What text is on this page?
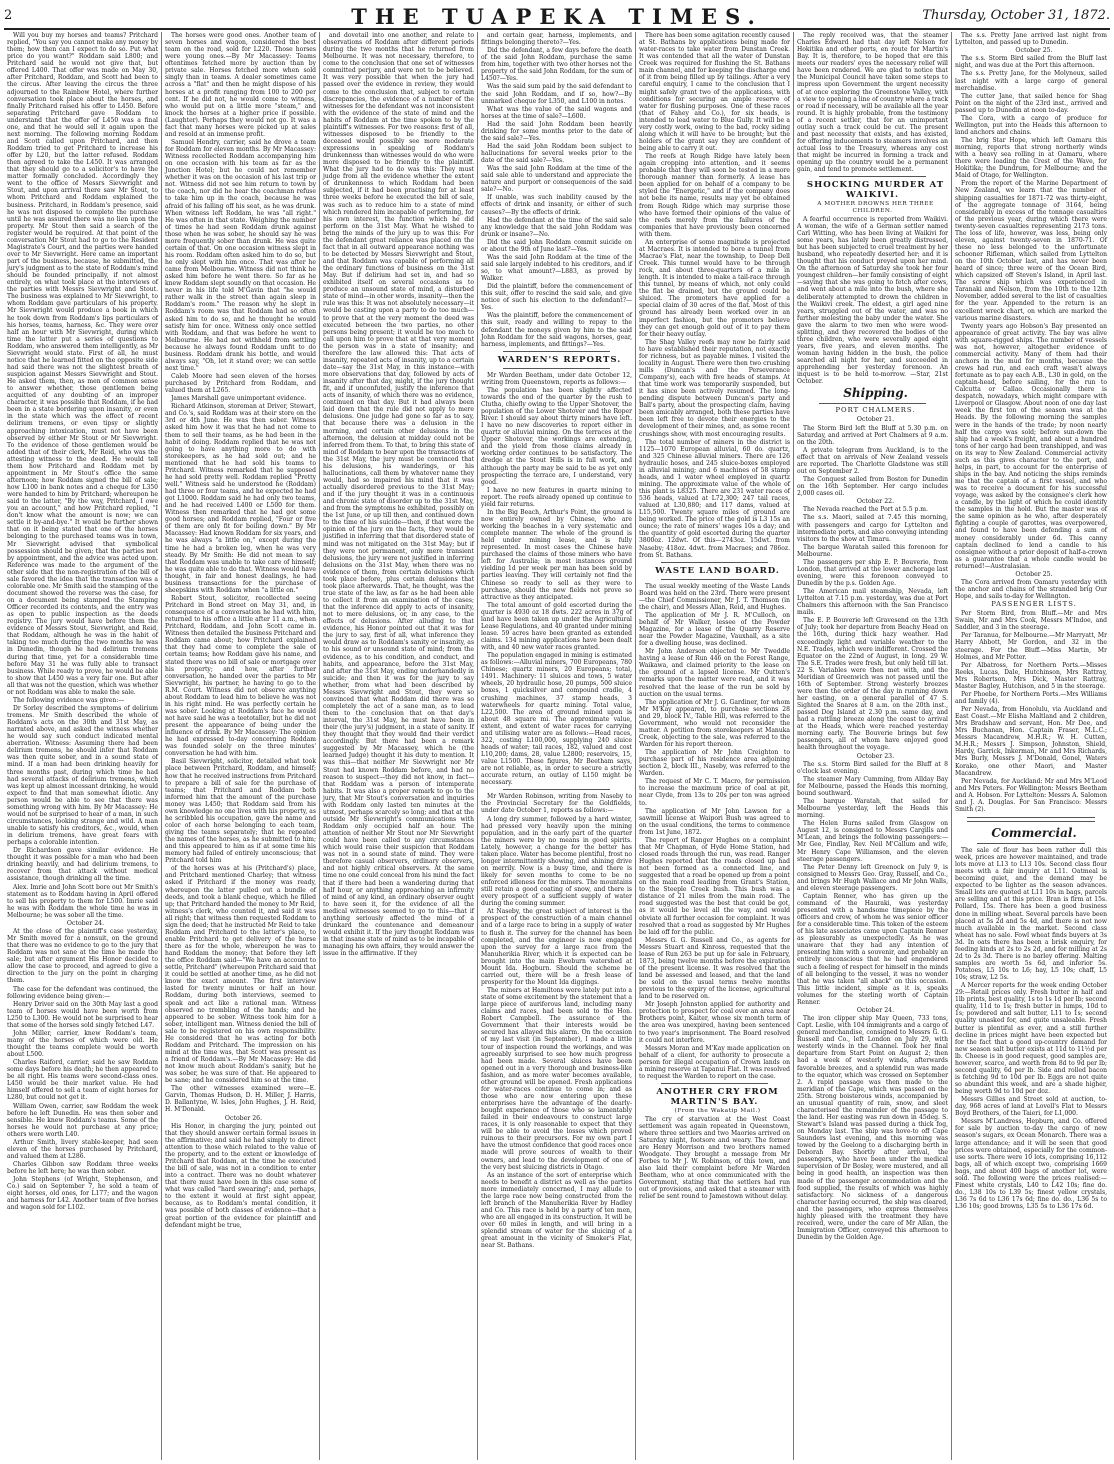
2	THE TUAPEKA TIMES.	Thursday, October 31, 1872.

Will you buy my horses and teams? Pritchard replied, "You say you cannot make any money by them; how then can I expect to do so. Put what price do you want?" Roddam said L800; and Pritchard said he would not give that, but offered L400. That offer was made on May 30, after Pritchard, Roddam, and Scott had been to the circus. After leaving the circus the three adjourned to the Rainbow Hotel, where further conversation took place about the horses, and finally Pritchard raised his offer to L450. Before separating Pritchard gave Roddam to understand that the offer of L450 was a final one, and that he would sell it again upon the next morning. The following morning Roddam and Scott called upon Pritchard, and then Roddam tried to get Pritchard to increase his offer by L20, but the latter refused. Roddam then agreed to take the L450. It was arranged that they should go to a solicitor's to have the matter formally concluded. Accordingly they went to the office of Messrs Sievwright and Stout, and upon arrival there saw Mr Stout, to whom Pritchard and Roddam explained the business. Pritchard, in Roddam's presence, said he was not disposed to complete the purchase until he was assured there was no lien upon the property. Mr Stout then said a search of the register would be required. At that point of the conversation Mr Stout had to go to the Resident Magistrate's Court, and the parties were handed over to Mr Sievwright. Here came an important part of the business, because, he submitted, the jury's judgment as to the state of Roddam's mind should be founded principally, if not almost entirely, on what took place at the interviews of the parties with Messrs Sievwright and Stout. The business was explained to Mr Sievwright, to whom Roddam gave particulars of his property. Mr Sievwright would produce a book in which he took down from Roddam's lips particulars of his horses, teams, harness, &c. They were over half an hour with Mr Sievwright, during which time the latter put a series of questions to Roddam, who answered them intelligently, as Mr Sievwright would state. First of all, he must notice that he learned fitted on the opposite side had said there was not the slightest breath of suspicion against Messrs Sievwright and Stout. He asked them, then, as men of common sense to answer whether, those gentlemen being acquitted of any doubting of an improper character, it was possible that Roddam, if he had been in a state bordering upon insanity, or even in the state which was the effect of recent delirium tremens, or even tipsy or slightly approaching intoxication, must not have been observed by either Mr Stout or Mr Sievwright. To the evidence of those gentlemen would be added that of their clerk, Mr Reid, who was the attesting witness to the deed. He would tell them how Pritchard and Roddam met by appointment in Mr Stout's office the same afternoon; how Roddam signed the bill of sale; how L100 in bank notes and a cheque for L350 were handed to him by Pritchard; whereupon he said to the latter, "By the way, Pritchard, I owe you an account," and how Pritchard replied, "I don't know what the amount is now; we can settle it by-and-bye." It would be further shown that on it being stated that one of the horses belonging to the purchased teams was in town, Mr Sievwright advised that symbolical possession should be given; that the parties met by appointment, and the advice was acted upon. Reference was made to the argument of the other side that the non-registration of the bill of sale favored the idea that the transaction was a colorable one. Mr Smith said the stamping of the document showed the reverse was the case, for on a document being stamped the Stamping Officer recorded its contents, and the entry was as open to public inspection as the deeds registry. The jury would have before them the evidence of Messrs Stout, Sievwright, and Reid, that Roddam, although he was in the habit of taking too much during the two months he was in Dunedin, though he had delirium tremens during that time, yet for a considerable time before May 31 he was fully able to transact business. While ready to prove, he would be able to show that L450 was a very fair one. But after all that was not the question, which was whether or not Roddam was able to make the sale.

The following evidence was given:—

Dr Sorley described the symptoms of delirium tremens. Mr Smith described the whole of Roddam's acts on the 30th and 31st May, as narrated above, and asked the witness whether he would say such conduct indicated mental aberration. Witness: Assuming there had been delirium tremens, he should infer that Roddam was then quite sober, and in a sound state of mind. If a man had been drinking heavily for three months past, during which time he had had several attacks of delirium tremens, which was kept up almost incessant drinking, he would expect to find that man somewhat idiotic. Any person would be able to see that there was something wrong with him. By Mr Macassey: He would not be surprised to hear of a man, in such circumstances, looking strange and wild. A man unable to satisfy his creditors, &c., would, when in delirium tremens, have great fears with perhaps a colorable intention.

Dr Richardson gave similar evidence. He thought it was possible for a man who had been drinking heavily, and had delirium tremens, to recover from that attack without medical assistance, though drinking all the time.

Alex. Imrie and John Scott bore out Mr Smith's statement as to Roddam having in April offered to sell his property to them for L500. Imrie said he was with Roddam the whole time he was in Melbourne; he was sober all the time.

October 24.

At the close of the plaintiff's case yesterday, Mr Smith moved for a nonsuit, on the ground that there was no evidence to go to the jury that Roddam was not sane at the time he made the sale; but after argument His Honor decided to allow the case to proceed, and agreed to give a direction to the jury on the point in charging them.

The case for the defendant was continued, the following evidence being given:—

Henry Driver said on the 30th May last a good team of horses would have been worth from L250 to L300. He would not be surprised to hear that some of the horses sold singly fetched L47.

John Miller, carrier, knew Roddam's team, many of the horses of which were old. He thought the teams complete would be worth about L500.

Charles Raiford, carrier, said he saw Roddam some days before his death; he then appeared to be all right. His teams were second-class ones. L450 would be their market value. He had himself offered to sell a team of eight horses for L280, but could not get it.

William Owen, carrier, saw Roddam the week before he left Dunedin. He was then sober and sensible. He knew Roddam's teams. Some of the horses he would not purchase at any price; others were worth L40.

Arthur Smith, livery stable-keeper, had seen eleven of the horses purchased by Pritchard, and valued them at L286.

Charles Gibbon saw Roddam three weeks before he left here; he was then sober.

John Stephens (of Wright, Stephenson, and Co.) said on September 7, he sold a team of eight horses, old ones, for L177; and the wagon and harness for L42. Another team of five horses and wagon sold for L102.

The horses were good ones. Another team of seven horses and wagon, considered the best team on the road, sold for L220. Those horses were young ones.—By Mr Macassey: Teams oftentimes fetched more by auction than by private sale. Horses fetched more when sold singly than in teams. A dealer sometimes came across a "flat" and then he might dispose of his horses at a profit ranging from 100 to 200 per cent. If he did not, he would come to witness, who would put on a little more "steam," and knock the horses at a higher price if possible. (Laughter). Perhaps they would not go. It was a fact that many horses were picked up at sales and resold at an immense profit.

Samuel Hendry, carrier, said he drove a team for Roddam for eleven months. By Mr Macassey: Witness recollected Roddam accompanying him on one occasion with his team as far as the Junction Hotel; but he could not remember whether it was on the occasion of his last trip or not. Witness did not see him return to town by the coach, nor did he hear the coachman refuse to take him up in the coach, because he was afraid of his falling off his seat, as he was drunk. When witness left Roddam, he was "all right." He was often in that state. Weighing the number of times he had seen Roddam drunk against those when he was sober, he should say he was more frequently sober than drunk. He was quite certain of that. On one occasion witness slept in his room. Roddam often asked him to do so, but he only slept with him once. That was after he came from Melbourne. Witness did not think he asked him before he went there. So far as he knew Roddam slept soundly on that occasion. He never in his life told M'Gavin that "he would rather walk in the street than again sleep in Roddam's room." The reason why he slept in Roddam's room was that Roddam had so often asked him to do so, and he thought he would satisfy him for once. Witness only once settled with Roddam, and that was before he went to Melbourne. He had not withheld from settling because he always found Roddam unfit to do business. Roddam drank his bottle, and would always say, "Oh, let it stand over; we can settle next time."

Caleb Moore had seen eleven of the horses purchased by Pritchard from Roddam, and valued them at L265.

James Marshall gave unimportant evidence.

Richard Atkinson, storeman at Driver, Stewart, and Co.'s, said Roddam was at their store on the 3rd or 4th June. He was then sober. Witness asked him how it was that he had not come to them to sell their teams, as he had been in the habit of doing. Roddam replied that he was not going to have anything more to do with storekeepers, as he had sold out; and he mentioned that he had sold his teams to Pritchard. Witness remarked that he supposed he had sold pretty well. Roddam replied "Pretty well." Witness said he understood he (Roddam) had three or four teams, and he expected he had got L1000. Roddam said he had only two teams, and he had received L400 or L500 for them. Witness then remarked that he had got some good horses; and Roddam replied, "Four or five of them are only fit for boiling down." By Mr Macassey: Had known Roddam for six years, and he was always "a little on," except during the time he had a broken leg, when he was very steady. By Mr Smith: He did not mean to say that Roddam was unable to take care of himself; he was quite able to do that. Witness would have thought, in fair and honest dealings, he had business transactions for the purchase of sheepskins with Roddam when "a little on."

Robert Stout, solicitor, recollected seeing Pritchard in Bond street on May 31, and, in consequence of a conversation he had with him, returned to his office a little after 11 a.m., when Pritchard, Roddam, and John Scott came in. Witness then detailed the business Pritchard and Roddam came about; how Pritchard explained that they had come to complete the sale of certain teams; how Roddam gave his name, and stated there was no bill of sale or mortgage over his property; and how, after further conversation, he handed over the parties to Mr Sievwright, his partner, he having to go to the R.M. Court. Witness did not observe anything about Roddam to lead him to believe he was not in his right mind. He was perfectly certain he was sober. Looking at Roddam's face he would not have said he was a teetotaller, but he did not present the appearance of being under the influence of drink. By Mr Macassey: The opinion he had expressed to-day concerning Roddam was founded solely on the three minutes' conversation he had with him.

Basil Sievwright, solicitor, detailed what took place between Pritchard, Roddam, and himself; how that he received instructions from Pritchard to prepare a bill of sale for the purchase of teams; that Pritchard and Roddam both informed him that the amount of the purchase money was L450; that Roddam said from his own knowledge no one lives with his property, as he scribbled his occupation, gave the name and color of each horse belonging to each team, giving the teams separately; that he repeated the names of the horses, as he submitted to him; and this appeared to him as if at some time his memory had failed of entirely unconscious; that Pritchard told him

of the horses was at his (Pritchard's) place, and Pritchard mentioned Charley; that witness asked if Pritchard if the money was ready, whereupon the latter pulled out a bundle of deeds, and took a blank cheque, which he filled up; that Pritchard handed the money to Mr Reid, witness's clerk, who counted it, and said it was all right; that witness then requested Roddam to sign the deed; that he instructed Mr Reid to take Roddam and Pritchard to the latter's place, to enable Pritchard to get delivery of the horse there as for the whole, whereupon he was to hand Roddam the money; that before they left the office Roddam said—"We have an account to settle, Pritchard" (whereupon Pritchard said that it could be settled at another time, as he did not know the exact amount. The first interview lasted for twenty minutes or half an hour. Roddam, during both interviews, seemed to speak and act like a rational man. Witness observed no trembling of the hands; and he appeared to be sober. Witness took him for a sober, intelligent man. Witness denied the bill of sale to be registered on his own responsibility. He considered that he was acting for both Roddam and Pritchard. The impression on his mind at the time was, that Scott was present as a friend of Roddam's.—By Mr Macassey: He did not know much about Roddam's sanity, but he was sober, he was sure of that. He appeared to be sane; and he considered him so at the time.

The other witnesses examined were—E. Garvin, Thomas Hudson, D. H. Miller, J. Harris, D. Ballantyne, W. Isles, John Hughes, J. H. Reid, H. M'Donald.

October 26.

His Honor, in charging the jury, pointed out that they should answer certain formal issues in the affirmative; and said he had simply to direct attention to those which related to the value of the property, and to the extent or knowledge of Pritchard that Roddam, at the time he executed the bill of sale, was not in a condition to enter into a contract. There was no doubt whatever that there must have been in this case some of what was called "hard swearing"; and, perhaps, to the extent it would at first sight appear, because, as to Roddam's mental condition, it was possible of both classes of evidence—that a great portion of the evidence for plaintiff and defendant might be true,

and dovetail into one another, and relate to observations of Roddam after different periods during the two months that he returned from Melbourne. It was not necessary, therefore, to come to the conclusion that one set of witnesses committed perjury, and were not to be believed. It was very possible that when the jury had passed over the evidence in review, they would come to the conclusion that, subject to certain discrepancies, the evidence of a number of the witnesses for the defendant was not inconsistent with the evidence of the state of mind and the habits of Roddam at the time spoken to by the plaintiff's witnesses. For two reasons: first of all, witnesses disposed to be friendly to the deceased would possibly see more moderate expressions in speaking of Roddam's drunkenness than witnesses would do who were more disposed to be friendly to the plaintiff. What the jury had to do was this: They must judge from all the evidence whether the extent of drunkenness to which Roddam had been subjected, if it had been practising for at least three weeks before he executed the bill of sale, was such as to reduce him to a state of mind which rendered him incapable of performing, for his own interest, the function which he did perform on the 31st May. What he wished to bring the minds of the jury up to was this: For the defendant great reliance was placed on the fact that in all outward appearance nothing was to be detected by Messrs Sievwright and Stout, and that Roddam was capable of performing all the ordinary functions of business on the 31st May. But if delirium had set in, and had so exhibited itself on several occasions as to produce an unsound state of mind, a disturbed state of mind—in other words, insanity—then the rule was this: It was not absolutely necessary—it would be casting upon a party to do too much—to prove that at the very moment the deed was executed between the two parties, no other persons being present; it would be too much to call upon him to prove that at that very moment the person was in a state of insanity; and therefore the law allowed this: That acts of insanity, repeated acts of insanity, up to a certain date—say the 31st May, in this instance—with more observations that day, followed by acts of insanity after that day, might, if the jury thought fit, and if unconfuted, justify the inference that acts of insanity, of which there was no evidence, continued on that day. But it had always been laid down that the rule did not apply to mere delusions. One judge had gone so far as to say, that because there was a delusion in the morning, and certain other delusions in the afternoon, the delusion at midday could not be inferred from them. To that, to bring this state of mind of Roddam to bear upon the transactions of the 31st May, the jury must be convinced that his delusions, his wanderings, or his hallucinations, call them by whatever name they would, had so impaired his mind that it was actually disordered previous to the 31st May; and if the jury thought it was in a continuous and chronic state of disorder up to the 31st May, and from the symptoms he exhibited, possibly on the 1st June, or up till then, and continued down to the time of his suicide—then, if that were the opinion of the jury on the facts, they would be justified in inferring that that disordered state of mind was not mitigated on the 31st May; but if they were not permanent, only mere transient delusions, the jury were not justified in inferring delusions on the 31st May, when there was no evidence of them, from certain delusions which took place before, plus certain delusions that took place afterwards. That, he thought, was the true state of the law, as far as he had been able to collect it from an examination of the cases; that the inference did apply to acts of insanity, not to mere delusions, or, in any case, to the effects of delusions. After alluding to that evidence, his Honor pointed out that it was for the jury to say, first of all, what inference they would draw as to Roddam's sanity or insanity, as to his sound or unsound state of mind; from the evidence, as to his condition, and conduct, and habits, and appearance, before the 31st May, and after the 31st May, ending underhandedly in suicide; and then it was for the jury to say whether, from what had been described by Messrs Sievwright and Stout, they were so convinced that what Roddam did there was so completely the act of a sane man, as to lead them to the conclusion that on that day's interval, the 31st May, he must have been in their (the jury's) judgment, in a state of sanity. If they thought that they would find their verdict accordingly. But there had been a remark suggested by Mr Macassey, which he (the learned Judge) thought it his duty to mention. It was this—that neither Mr Sievwright nor Mr Stout had known Roddam before, and had no reason to suspect—they did not know, in fact—that Roddam was a person of intemperate habits. It was also a proper remark to go to the jury, that Mr Stout's conversation and inquiries with Roddam only lasted ten minutes at the utmost, perhaps scarcely so long; and that at the outside Mr Sievwright's communications with Roddam only occupied half an hour. The attention of neither Mr Stout nor Mr Sievwright could have been called to any circumstances which would raise their suspicion that Roddam was not in a sound state of mind. They were therefore casual observers, ordinary observers, and not highly critical observers. At the same time no one could conceal from his mind the fact that if there had been a wandering during that half hour, or anything approaching an infirmity of mind of any kind, an ordinary observer ought to have seen it, for the evidence of all the medical witnesses seemed to go to this—that if anything seriously affected the mind of a drunkard the countenance and demeanour would exhibit it. If the jury thought Roddam was in that insane state of mind as to be incapable of managing his own affairs, they would answer the issue in the affirmative. If they

and certain gear, harness, implements, and fittings belonging thereto?—Yes.

Did the defendant, a few days before the death of the said John Roddam, purchase the same from him, together with two other horses not the property of the said John Roddam, for the sum of L450?—Yes.

Was the said sum paid by the said defendant to the said John Roddam, and if so, how?—By unmarked cheque for L350, and L100 in notes.

What was the value of the said wagons and horses at the time of sale?—L600.

Had the said John Roddam been heavily drinking for some months prior to the date of the said sale?—Yes.

Had the said John Roddam been subject to hallucinations for several weeks prior to the date of the said sale?—Yes.

Was the said John Roddam at the time of the said sale able to understand and appreciate the nature and purport or consequences of the said sale?—No.

If unable, was such inability caused by the effects of drink and insanity, or either of such causes?—By the effects of drink.

Had the defendant at the time of the said sale any knowledge that the said John Roddam was drunk or insane?—No.

Did the said John Roddam commit suicide on or about the 9th of June last?—Yes.

Was the said John Roddam at the time of the said sale largely indebted to his creditors, and if so, to what amount?—L883, as proved by Walker.

Did the plaintiff, before the commencement of this suit, offer to rescind the said sale, and give notice of such his election to the defendant?—Yes.

Was the plaintiff, before the commencement of this suit, ready and willing to repay to the defendant the moneys given by him to the said John Roddam for the said wagons, horses, gear, harness, implements, and fittings?—Yes.

WARDEN'S REPORTS.

Mr Warden Beetham, under date October 12, writing from Queenstown, reports as follows:—

The population has been slightly affected towards the end of the quarter by the rush to Clutha, chiefly owing to the Upper Shotover, the population of the Lower Shotover and the Roper River. I should say about thirty miners have left. I have no new discoveries to report either in quartz or alluvial mining. On the terraces at the Upper Shotover, the workings are extending, and the yield from those claims already in working order continues to be satisfactory. The dredge at the Stout Hills is in full work, and although the party may be said to be as yet only prospecting the terrace are, I understand, very good.

I have no new features in quartz mining to report. The reefs already opened up continue to yield fair returns.

In the Big Beach, Arthur's Point, the ground is now entirely owned by Chinese, who are working the beaches in a very systematic and complete manner. The whole of the ground is held under mining lease, and is fully represented. In most cases the Chinese have purchased the claims of those miners who have left for Australia; in most instances ground yielding 1d per week per man has been sold by parties leaving. They will certainly not find the Chinese so ready to sell as they were to purchase, should the new fields not prove so attractive as they anticipated.

The total amount of gold escorted during the quarter is 4930 oz 18 dwts. 222 acres in 37g of land have been taken up under the Agricultural Lease Regulations, and 40 granted under mining lease. 59 acres have been granted as extended claims. 134 mining applications have been dealt with, and 40 new water races granted.

The population engaged in mining is estimated as follows:—Alluvial miners, 700 Europeans, 780 Chinese; quartz miners, 20 Europeans; total, 1491. Machinery: 11 sluices and tows, 5 water wheels, 20 hydraulic hose, 20 pumps, 500 sluice boxes, 1 quicksilver and compound cradle, 4 crushing machines, 37 stamp heads, 3 waterwheels for quartz mining. Total value, L22,500. The area of ground mined upon is about 48 square mi. The approximate value, extent, and extent of water races for carrying and utilising water are as follows:—Head races, 322, costing L100,000, supplying 240 sluice heads of water; tail races, 182, valued and cost L10,200; dams, 28, value L2800; reservoirs, 15, value L1500. These figures, Mr Beetham says, are not reliable, as, in order to secure a strictly accurate return, an outlay of L150 might be necessary.

Mr Warden Robinson, writing from Naseby to the Provincial Secretary for the Goldfields, under date October 1, reports as follows:—

A long dry summer, followed by a hard winter, had pressed very heavily upon the mining population, and in the early part of the quarter the miners were by no means in good spirits. Lately, however, a change for the better has taken place. Water has become plentiful, frost no longer intermittently showing, and shining drive on merrily. Now is a busy time, and there is likely for seven months to come to be no enforced idleness for the miners. The mountains still retain a good coating of snow, and there is every prospect of a sufficient supply of water during the coming summer.

At Naseby, the great subject of interest is the prospect of the construction of a main channel and of a large race to bring in a supply of water to flush it. The survey for the channel has been completed, and the engineer is now engaged upon the survey for a large race from the Manuherikia River, which it is expected can be brought into the main Eweburn watershed at Mount Ida. Hogburn. Should the scheme be carried out, there will be a fresh lease of prosperity for the Mount Ida diggings.

The miners at Hamiltons were lately put into a state of some excitement by the statement that a large piece of auriferous land, including many claims and races, had been sold to the Hon. Robert Campbell. The assurance of the Government that their interests would be secured has allayed this alarm. On the occasion of my last visit (in September), I made a little tour of inspection round the workings, and was agreeably surprised to see how much progress had been made. Several sluices have been opened out in a very thorough and business-like fashion, and as more water becomes available, other ground will be opened. Fresh applications for water-races continue to come in; and as those who are now entering upon these enterprises have the advantage of the dearly-bought experience of those who so lamentably failed in their endeavours to construct large races, it is only reasonable to expect that they will be able to avoid the losses which proved ruinous to their precursors. For my own part I have the utmost confidence that good races once made will prove sources of wealth to their owners, and lead to the development of one of the very best sluicing districts in Otago.

As an instance of the sort of enterprise which needs to benefit a district as well as the parties more immediately concerned, I may allude to the large race now being constructed from the left branch of the Manuherikia River by Hadley and Co. This race is held by a party of ten men, who are all engaged in its construction. It will be over 60 miles in length, and will bring in a splendid stream of water for the sluicing of a great amount in the vicinity of Smoker's Flat, near St. Bathans.

There has been some agitation recently caused at St. Bathans by applications being made for water-races to take water from Dunstan Creek. It was contended that all the water of Dunstan Creek was required for flushing the St. Bathans main channel, and for keeping the discharge end of it from being filled up by tailings. After a very careful enquiry, I came to the conclusion that I might safely grant two of the applications, with conditions for securing an ample reserve of water for flushing purposes. One of these races (that of Fahey and Co.), for six heads, is intended to lead water to Blue Gully. It will be a very costly work, owing to the bad, rocky siding along which it will have to be brought; but the holders of the grant say they are confident of being able to carry it out.

The reefs at Rough Ridge have lately been again cropping into attention, and it seems probable that they will soon be tested in a more thorough manner than formerly. A lease has been applied for on behalf of a company to be styled the "Energetic," and if the company does not belie its name, results may yet be obtained from Rough Ridge which may surprise those who have formed their opinions of the value of the reefs merely from the failures of the companies that have previously been concerned with them.

An enterprise of some magnitude is projected at Macraes. It is intended to bore a tunnel from Macrae's Flat, near the township, to Deep Dell Creek. This tunnel would have to be through rock, and about three-quarters of a mile in length. It is intended to make a tail-race through this tunnel, by means of which, not only could the flat be drained, but the ground could be sluiced. The promoters have applied for a special claim of 30 acres of the flat. Most of this ground has already been worked over in an imperfect fashion, but the promoters believe they can get enough gold out of it to pay them for their heavy outlay.

The Shag Valley reefs may now be fairly said to have established their reputation, not exactly for richness, but as payable mines. I visited the locality in August. There were then two crushing mills (Duncan's and the Perseverance Company's), each with five heads of stamps. At that time work was temporarily suspended, but it has since been actively resumed. The long-pending dispute between Duncan's party and Ball's party, about the prospecting claim, having been amicably arranged, both these parties have been left free to devote their energies to the development of their mines, and, as some recent crushings show, with most encouraging results.

The total number of miners in the district is 1125—1070 European alluvial, 60 do. quartz, and 325 Chinese alluvial miners. There are 126 hydraulic hoses, and 245 sluice-boxes employed in alluvial mining; and 6 machines of 58 stamp heads, and 1 water wheel employed in quartz mining. The approximate value of the whole of this plant is L8325. There are 231 water races of 536 heads, valued at L72,300; 247 tail races, valued at L30,880; and 117 dams, valued at L15,500. Twenty square miles of ground are being worked. The price of the gold is L3 15s an ounce; the rate of miners' wages 10s a day; and the quantity of gold escorted during the quarter 3800oz. 12dwt. Of this—2743oz. 15dwt. from Naseby; 418oz. 4dwt. from Macraes; and 786oz. from St. Bathans.

WASTE LAND BOARD.

The usual weekly meeting of the Waste Lands Board was held on the 23rd. There were present—the Chief Commissioner, Mr J. T. Thomson (in the chair), and Messrs Allan, Reid, and Hughes.

The application of Mr J. R. M'Culloch, on behalf of Mr Walker, lessee of the Powder Magazine, for a lease of the Quarry Reserve near the Powder Magazine, Vauxhall, as a site for a dwelling house, was declined.

Mr John Anderson objected to Mr Tweddle having a lease of Run 446 on the Forest Range, Waikawa, and claimed priority to the lease on the ground of a lapsed license. Mr Outten's remarks upon the matter were read, and it was resolved that the lease of the run be sold by auction on the usual terms.

The application of Mr J. G. Gardiner, for whom Mr M'Kay appeared, to purchase sections 28 and 29, block IV., Table Hill, was referred to the Government, who would not reconsider the matter. A petition from storekeepers at Manuka Creek, objecting to the sale, was referred to the Warden for his report thereon.

The application of Mr John Creighton to purchase part of his residence area adjoining section 2, block III., Naseby, was referred to the Warden.

The request of Mr C. T. Macro, for permission to increase the maximum price of coal at pit, near Clyde, from 13s to 20s per ton was agreed to.

The application of Mr John Lawson for a sawmill license at Waipori Bush was agreed to on the usual conditions, the terms to commence from 1st June, 1872.

The report of Ranger Hughes on a complaint that Mr Chapman, of Hyde Home Station, had closed roads through the run, was read. Ranger Hughes reported that the roads closed up had not been formed as a connected line, and suggested that a road be opened up from a point on the main road leading from Grant's Station, to the Steeple Creek bush. This bush was a distance of 21 miles from the main road. The road suggested was the best that could be got, as it would be level all the way, and would obviate all further occasion for complaint. It was resolved that a road as suggested by Mr Hughes be laid off for the public.

Messrs G. G. Russell and Co., as agents for Messrs Stuart and Kinross, requested that the lease of Run 263 be put up for sale in February, 1873, being twelve months before the expiration of the present license. It was resolved that the land be assessed and leased, and that the land be sold on the usual terms twelve months previous to the expiry of the license, agricultural land to be reserved on.

Mr Joseph Johnston applied for authority and protection to prospect for coal over an area near Brothers point, Kaiter, whose six month term of the area was unexpired, having been sentenced to two year's imprisonment. The Board resolved it could not interfere.

Messrs Moran and M'Kay made application on behalf of a client, for authority to prosecute a person for illegal occupation of Crown lands on a mining reserve at Tapanui Flat. It was resolved to request the Warden to report on the case.

ANOTHER CRY FROM MARTIN'S BAY.

(From the Wakatip Mail.)

The cry of starvation at the West Coast settlement was again repeated in Queenstown, where three settlers and two Maories arrived on Saturday night, footsore and weary. The former are Henry Morrison and two brothers named Woodgate. They brought a message from Mr Forbes to Mr J. W. Robinson, of this town, and also laid their complaint before Mr Warden Beetham, who at once communicated with the Government, stating that the settlers had run out of provisions, and asked that a steamer with relief be sent round to Jamestown without delay.

The reply received was, that the steamer Charles Edward had that day left Nelson for Hokitika and other ports, en route for Martin's Bay. It is, therefore, to be hoped that ere this meets our readers' eyes the necessary relief will have been rendered. We are glad to notice that the Municipal Council have taken some steps to impress upon Government the urgent necessity of at once exploring the Greenstone Valley, with a view to opening a line of country where a track or road if necessary, will be available all the year round. It is highly probable, from the testimony of a recent settler, that for an unimportant outlay such a track could be cut. The present and past necessity that exists, and has existed, for offering inducements to steamers involves an actual loss to the Treasury, whereas any cost that might be incurred in forming a track and opening up the country would be a permanent gain, and tend to promote settlement.

SHOCKING MURDER AT WAIKIVI.

A MOTHER DROWNS HER THREE CHILDREN.

A fearful occurrence is reported from Waikivi. A woman, the wife of a German settler named Carl Witting, who has been living at Waikivi for some years, has lately been greatly distressed, but has been subjected to cruel treatment by her husband, who repeatedly deserted her; and it is thought that his conduct preyed upon her mind. On the afternoon of Saturday she took her four youngest children—her family consisting of eight—saying that she was going to fetch after cows, and went about a mile into the bush, where she deliberately attempted to drown the children in the Waikivi creek. The eldest, a girl aged nine years, struggled out of the water, and was no further molesting the baby under the water. She gave the alarm to two men who were wood-splitting, and they recovered the bodies of the three children, who were severally aged eight years, five years, and eleven months. The woman having hidden in the bush, the police searched all night for her, and succeeded in apprehending her yesterday forenoon. An inquest is to be held to-morrow. —Star, 21st October.

Shipping.

PORT CHALMERS.

October 21.

The Storm Bird left the Bluff at 5.30 p.m. on Saturday, and arrived at Port Chalmers at 9 a.m. on the 20th.

A private telegram from Auckland, is to the effect that on arrivals of New Zealand vessels are reported. The Charlotte Gladstone was still out on September 2.

The Conquest sailed from Boston for Dunedin on the 16th September. Her cargo includes 2,000 cases oil.

October 22.

The Nevada reached the Port at 5.5 p.m.

The s.s. Maori, sailed at 7.45 this morning, with passengers and cargo for Lyttelton and intermediate ports, and also conveying intending visitors to the show at Timaru.

The barque Waratah sailed this forenoon for Melbourne.

The passengers per ship E. P. Bouverie, from London, that arrived at the lower anchorage last evening, were this forenoon conveyed to Dunedin by the p.s. Golden Age.

The American mail steamship, Nevada, left Lyttelton at 7.15 p.m. yesterday, was due at Port Chalmers this afternoon with the San Francisco mails.

The E. P. Bouverie left Gravesend on the 13th of July; took her departure from Beachy Head on the 16th, during thick hazy weather. Had exceedingly light and variable weather to the N.E. Trades, which were indifferent. Crossed the Equator on the 22nd of August, in long. 29 W. The S.E. Trades were fresh, but only held till lat. 22 S. Variables were then met with, and the Meridian of Greenwich was not passed until the 16th of September. Strong westerly breezes were then the order of the day in running down her easting, on a general parallel of 47 S. Sighted the Snares at 8 a.m. on the 20th inst., passed Dog Island at 2.30 p.m. same day, and had a rattling breeze along the coast to arrival at the Heads, which were reached yesterday morning early. The Bouverie brings but few passengers, all of whom have enjoyed good health throughout the voyage.

October 23.

The s.s. Storm Bird sailed for the Bluff at 8 o'clock last evening.

The steamer Mary Cumming, from Allday Bay for Melbourne, passed the Heads this morning, bound southward.

The barque Waratah, that sailed for Melbourne yesterday, left the Heads this morning.

The Helen Burns sailed from Glasgow on August 12, is consigned to Messrs Cargills and M'Lean, and brings the following passengers:—Mr Gee, Findlay, Rev. Neil M'Callum and wife, Mr Henry Cape Williamson, and the eleven steerage passengers.

The Peter Denny left Greenock on July 9, is consigned to Messrs Geo. Gray, Russell, and Co., and brings Mr Hugh Wallace and Mr John Walls, and eleven steerage passengers.

Captain Renner, who has given up the command of the Hauraki, was yesterday presented with a handsome timepiece by the officers and crew, of whom he was senior officer for a considerable time. This token of the esteem of his late associates came upon Captain Renner as pleasurably as unexpectedly. As he was unaware that they had any intention of presenting him with a souvenir, and probably an entirely unconscious that he had engendered such a feeling of respect for himself in the minds of all belonging to the vessel, it was no wonder that he was taken "all aback" on this occasion. This little incident, simple as it is, speaks volumes for the sterling worth of Captain Renner.

October 24.

The iron clipper ship May Queen, 733 tons, Capt. Leslie, with 104 immigrants and a cargo of general merchandise, consigned to Messrs G. G. Russell and Co., left London on July 29, with westerly winds in the Channel. Took her final departure from Start Point on August 2; then had a week of westerly winds, afterwards favorable breezes, and a splendid run was made to the equator, which was crossed on September 2. A rapid passage was then made to the meridian of the Cape, which was passed on the 25th. Strong boisterous winds, accompanied by an unusual quantity of rain, snow, and sleet characterised the remainder of the passage to the land. Her easting was run down in 45deg. S. Stewart's Island was passed during a thick fog, on Monday last. The ship was hove-to off Cape Saunders last evening, and this morning was towed by the Geelong to a discharging berth in Deborah Bay. Shortly after arrival, the passengers, who have been under the medical supervision of Dr Bosley, were mustered, and all being in good health, an inspection was then made of the passenger accommodation and the food supplied, the results of which was highly satisfactory. No sickness of a dangerous character having occurred, the ship was cleared, and the passengers, who express themselves highly pleased with the treatment they have received, were, under the care of Mr Allan, the Immigration Officer, conveyed this afternoon to Dunedin by the Golden Age.

The s.s. Pretty Jane arrived last night from Lyttelton, and passed up to Dunedin.

October 25.

The s.s. Storm Bird sailed from the Bluff last night, and was due at the Port this afternoon.

The s.s. Pretty Jane, for the Molyneux, sailed last night with a large cargo of general merchandise.

The cutter Jane, that sailed hence for Shag Point on the night of the 23rd inst., arrived and passed up to Dunedin at noon to-day.

The Cora, with a cargo of produce for Wellington, put into the Heads this afternoon to land anchors and chains.

The brig Star Hope, which left Oamaru this morning, reports that strong northerly winds with a heavy sea rolling in at Oamaru, where there were loading the Crest of the Wave, for Hokitika; the Dundrum, for Melbourne; and the Maid of Otago, for Wellington.

From the report of the Marine Department of New Zealand, we learn that the number of shipping casualties for 1871-72 was thirty-eight, of the aggregate tonnage of 3164, being considerably in excess of the tonnage casualties of the previous year, during which there were twenty-seven casualties representing 2173 tons. The loss of life, however, was less, being only eleven, against twenty-seven in 1870-71. Of these no less belonged to the unfortunate schooner Rifleman, which sailed from Lyttelton on the 10th October last, and has never been heard of since; three were of the Ocean Bird, which capsized off Steven's Island, in April last. The screw ship which was experienced in Taranaki and Nelson, from the 10th to the 12th November, added several to the list of casualties for the year. Appended to the return is an excellent wreck chart, on which are marked the various marine disasters.

Twenty years ago Hobson's Bay presented an appearance of great activity. The bay was alive with square-rigged ships. The number of vessels was not, however, altogether evidence of commercial activity. Many of them had their anchors in the mud for months, because the crews had run, and each craft wasn't always fortunate as to pay each A.B., L30 in gold, on the captain-head, before sailing, for the run to Calcutta or Callao. Occasionally there is despatch, nowadays, which might compare with Liverpool or Glasgow. About noon of one day last week the first ton of the season was at the Heads. By the following morning the samples were in the hands of the trade; by noon nearly half the cargo was sold; before sun-down the ship had a week's freight, and about a hundred tons of her cargo had been transhipped, and was on its way to New Zealand. Commercial activity such as this gives character to the port, and helps, in part, to account for the enterprise of ships in the bay. And noticing the ships reminds me that the captain of a first vessel, and who was to receive a document for his successful voyage, was asked by the consignee's clerk how a candle, by the light of which he could identify the samples in the hold. But the master was of the same opinion as he who, after desperately fighting a couple of garottes, was overpowered, and found to have been defending a sum of money considerably under 6d. This canny captain declined to lend a candle to his consignee without a prior deposit of half-a-crown as a guarantee that a whole candle would be returned!—Australasian.

October 25.

The Cora arrived from Oamaru yesterday with the anchor and chains of the stranded brig Our Hope, and sails to-day for Wellington.

PASSENGER LISTS.

Per Storm Bird, from Bluff.—Mr and Mrs Swain, Mr and Mrs Cook, Messrs M'Indoe, and Saddler, and 3 in the steerage.

Per Taranua, for Melbourne.—Mr Marryatt, Mr Harry Abbott, Mr Gordon, and 32 in the steerage. For the Bluff.—Miss Martin, Mr Holmes, and Mr Potter.

Per Albatross, for Northern Ports.—Misses Reeks, Lucas, Dale, Hutchinson, Mrs Rattray, Mrs Robertson, Mrs Dick, Master Rattray, Master Bagley, Hutchison, and 5 in the steerage.

Per Phoebe, for Northern Ports.—Mrs Williams and family (4).

Per Nevada, from Honolulu, via Auckland and East Coast.—Mr Elisha Maltland and 2 children, Mrs Bradshaw and servant, Hon. Mr Dee, and Mrs Buchanan, Hon. Captain Fraser, M.L.C.; Messrs Macandrew, M.H.R.; W. H. Cutten, M.H.R.; Messrs J. Simpson, Johnston, Shield, Hardy, Garrick, Inkerman, Mr and Mrs Richards, Mrs Burly, Messrs J. M'Donald, Gonel, Waters Korako, one other Maori, and Master Macandrew.

Per Nevada, for Auckland: Mr and Mrs M'Leod and Mrs Peters. For Wellington: Messrs Beetham and A. Hobson. For Lyttelton: Messrs A. Salomon and J. A. Douglas. For San Francisco: Messrs Smith (2).

Commercial.

The sale of flour has been rather dull this week, prices are however maintained, and trade lots move at L13 to L13 10s. Second class flour meets with a fair inquiry at L11. Oatmeal is becoming quiet, and the demand may be expected to be lighter as the season advances. Small lots are quoted at L11 10s in bags, parcels are selling and at this price. Bran is firm at 15s. Pollard, 15s. There has been a good business done in milling wheat. Several parcels have been placed at 5s 2d and 5s 4d, and there is not now much available in the market. Second class wheat has no sale. Fowl wheat finds buyers at 3s 3d. In oats there has been a brisk enquiry, for feeding kinds at 2s to 2s 2d, and for milling at 2s 2d to 2s 3d. There is no barley offering. Malting samples are worth 5s 6d, and inferior 5s. Potatoes, L5 10s to L6; hay, L5 10s; chaff, L5 10s; straw, L2 5s.

A Mercer reports for the week ending October 29:—Retail prices only. Fresh butter in half and 1lb prints, best quality, 1s to 1s 1d per lb; second quality, 11d to 1s; fresh butter in lumps, 10d to 1s; powdered and salt butter, L11 to 1s; second quality unasked for, and quite unsaleable. Fresh butter is plentiful as ever, and a still further decline in prices might have been expected but for the fact that a good up-country demand for new season salt butter exists at 11d to 11½d per lb. Cheese is in good request, good samples are, however, scarce, and worth from 8d to 9d per lb; second quality, 6d per lb. Side and rolled bacon is fetching 9d to 10d per lb. Eggs are not quite so abundant this week, and are a shade higher, being worth 9d to 10d per doz.

Messrs Gillies and Street sold at auction, to-day, 968 acres of land at Lovell's Flat to Messrs Boyd Brothers, of the Taieri, for L1,000.

Messrs M'Landress, Hepburn, and Co. offered for sale by auction to-day the cargo of new season's sugars, ex Ocean Monarch. There was a large attendance; and it will be seen that good prices were obtained, especially for the common-use sorts. There were 10 lots, comprising 16,112 bags, all of which except two, comprising 1669 bags, and about 400 bags of another lot, were sold. The following were the prices realised:—Finest white crystals, L40 to L42 10s; fine do. do., L38 10s to L39 5s; finest yellow crystals, L36 7s 6d to L36 17s 6d; fine do. do., L36 5s to L36 10s; good browns, L35 5s to L36 17s 6d.
